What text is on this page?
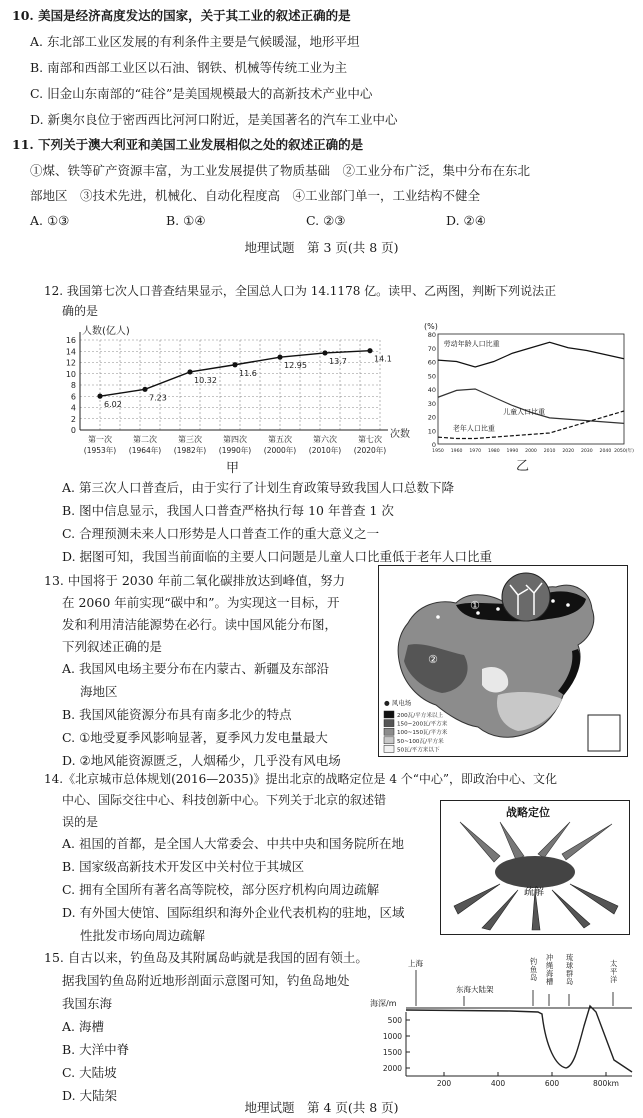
10. 美国是经济高度发达的国家，关于其工业的叙述正确的是
A. 东北部工业区发展的有利条件主要是气候暖湿，地形平坦
B. 南部和西部工业区以石油、钢铁、机械等传统工业为主
C. 旧金山东南部的“硅谷”是美国规模最大的高新技术产业中心
D. 新奥尔良位于密西西比河河口附近，是美国著名的汽车工业中心
11. 下列关于澳大利亚和美国工业发展相似之处的叙述正确的是
①煤、铁等矿产资源丰富，为工业发展提供了物质基础　②工业分布广泛，集中分布在东北
部地区　③技术先进，机械化、自动化程度高　④工业部门单一，工业结构不健全
A. ①③	B. ①④	C. ②③	D. ②④
地理试题　第 3 页(共 8 页)
12. 我国第七次人口普查结果显示，全国总人口为 14.1178 亿。读甲、乙两图，判断下列说法正
确的是
0
2
4
6
8
10
12
14
16
6.02
第一次
(1953年)
7.23
第二次
(1964年)
10.32
第三次
(1982年)
11.6
第四次
(1990年)
12.95
第五次
(2000年)
13.7
第六次
(2010年)
14.1
第七次
(2020年)
人数(亿人)
次数
甲
0
10
20
30
40
50
60
70
80
1950 1960 1970 1980 1990 2000 2010 2020 2030 2040 2050(年)
劳动年龄人口比重
儿童人口比重
老年人口比重
(%)
乙
A. 第三次人口普查后，由于实行了计划生育政策导致我国人口总数下降
B. 图中信息显示，我国人口普查严格执行每 10 年普查 1 次
C. 合理预测未来人口形势是人口普查工作的重大意义之一
D. 据图可知，我国当前面临的主要人口问题是儿童人口比重低于老年人口比重
13. 中国将于 2030 年前二氧化碳排放达到峰值，努力
在 2060 年前实现“碳中和”。为实现这一目标，开
发和利用清洁能源势在必行。读中国风能分布图，
下列叙述正确的是
A. 我国风电场主要分布在内蒙古、新疆及东部沿
海地区
B. 我国风能资源分布具有南多北少的特点
C. ①地受夏季风影响显著，夏季风力发电量最大
D. ②地风能资源匮乏，人烟稀少，几乎没有风电场
①
②
● 风电场
200瓦/平方米以上
150~200瓦/平方米
100~150瓦/平方米
50~100瓦/平方米
50瓦/平方米以下
14.《北京城市总体规划(2016—2035)》提出北京的战略定位是 4 个“中心”，即政治中心、文化
中心、国际交往中心、科技创新中心。下列关于北京的叙述错
误的是
A. 祖国的首都，是全国人大常委会、中共中央和国务院所在地
B. 国家级高新技术开发区中关村位于其城区
C. 拥有全国所有著名高等院校，部分医疗机构向周边疏解
D. 有外国大使馆、国际组织和海外企业代表机构的驻地，区域
性批发市场向周边疏解
战略定位
疏解
15. 自古以来，钓鱼岛及其附属岛屿就是我国的固有领土。
据我国钓鱼岛附近地形剖面示意图可知，钓鱼岛地处
我国东海
A. 海槽
B. 大洋中脊
C. 大陆坡
D. 大陆架
上海
东海大陆架
钓
鱼
岛
冲
绳
海
槽
琉
球
群
岛
太
平
洋
海深/m
500
1000
1500
2000
200	400	600	800km
地理试题　第 4 页(共 8 页)
